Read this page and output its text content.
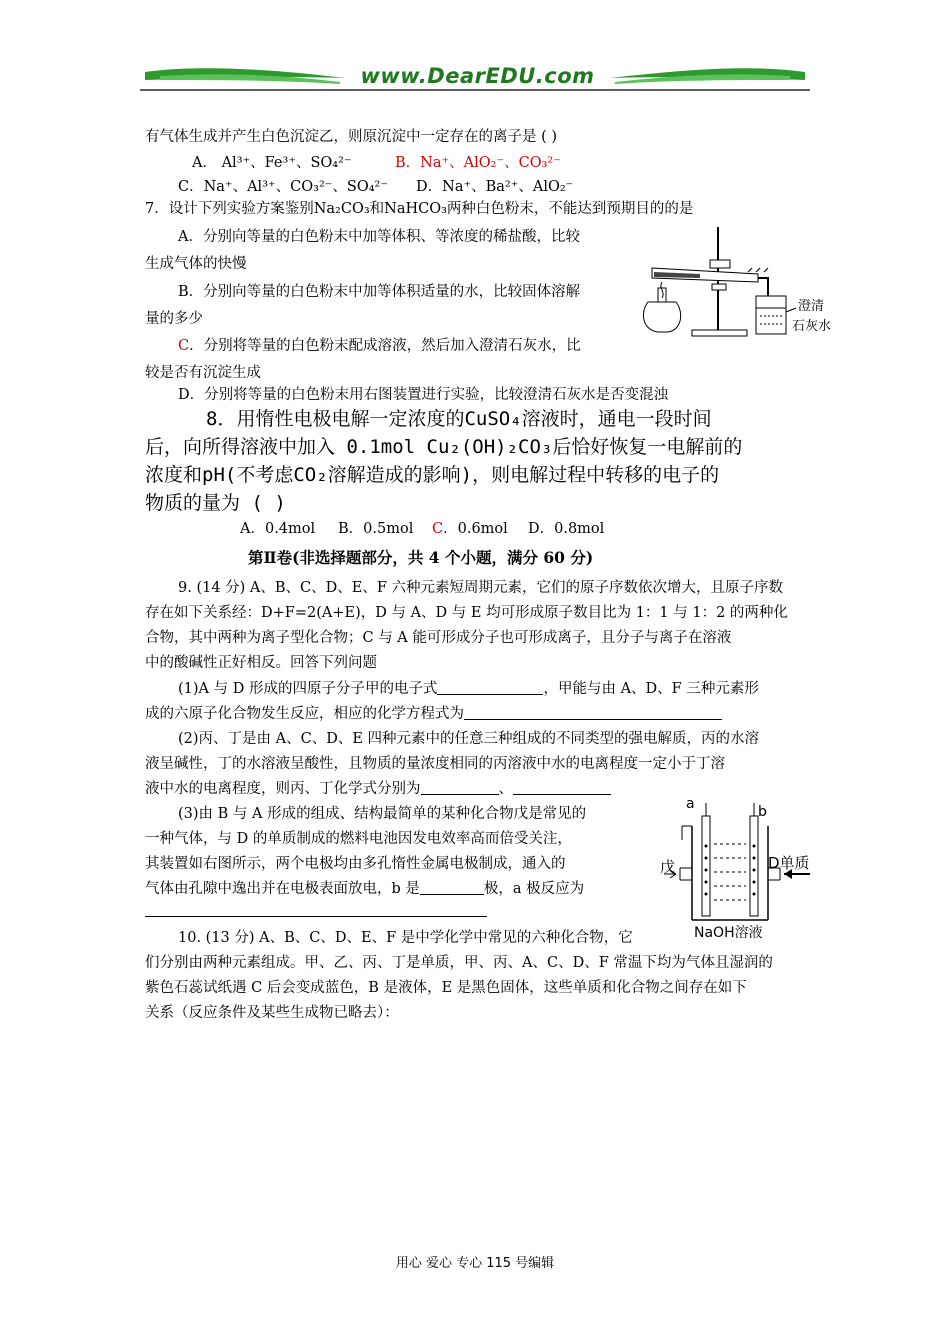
www.DearEDU.com
有气体生成并产生白色沉淀乙，则原沉淀中一定存在的离子是 ( )
A． Al³⁺、Fe³⁺、SO₄²⁻	B．Na⁺、AlO₂⁻、CO₃²⁻
C．Na⁺、Al³⁺、CO₃²⁻、SO₄²⁻ D．Na⁺、Ba²⁺、AlO₂⁻
7．设计下列实验方案鉴别Na₂CO₃和NaHCO₃两种白色粉末，不能达到预期目的的是
A．分别向等量的白色粉末中加等体积、等浓度的稀盐酸，比较
生成气体的快慢
B．分别向等量的白色粉末中加等体积适量的水，比较固体溶解
量的多少
C．分别将等量的白色粉末配成溶液，然后加入澄清石灰水，比
较是否有沉淀生成
D．分别将等量的白色粉末用右图装置进行实验，比较澄清石灰水是否变混浊
澄清
石灰水
8．用惰性电极电解一定浓度的CuSO₄溶液时，通电一段时间
后，向所得溶液中加入 0.1mol Cu₂(OH)₂CO₃后恰好恢复一电解前的
浓度和pH(不考虑CO₂溶解造成的影响)，则电解过程中转移的电子的
物质的量为 ( )
A．0.4mol B．0.5mol C．0.6mol D．0.8mol
第Ⅱ卷(非选择题部分，共 4 个小题，满分 60 分)
9. (14 分) A、B、C、D、E、F 六种元素短周期元素，它们的原子序数依次增大，且原子序数
存在如下关系经：D+F=2(A+E)，D 与 A、D 与 E 均可形成原子数目比为 1：1 与 1：2 的两种化
合物，其中两种为离子型化合物；C 与 A 能可形成分子也可形成离子，且分子与离子在溶液
中的酸碱性正好相反。回答下列问题
(1)A 与 D 形成的四原子分子甲的电子式	，甲能与由 A、D、F 三种元素形
成的六原子化合物发生反应，相应的化学方程式为
(2)丙、丁是由 A、C、D、E 四种元素中的任意三种组成的不同类型的强电解质，丙的水溶
液呈碱性，丁的水溶液呈酸性，且物质的量浓度相同的丙溶液中水的电离程度一定小于丁溶
液中水的电离程度，则丙、丁化学式分别为	、
(3)由 B 与 A 形成的组成、结构最简单的某种化合物戊是常见的
一种气体，与 D 的单质制成的燃料电池因发电效率高而倍受关注，
其装置如右图所示，两个电极均由多孔惰性金属电极制成，通入的
气体由孔隙中逸出并在电极表面放电，b 是	极，a 极反应为
a	b
戊	D单质
NaOH溶液
10. (13 分) A、B、C、D、E、F 是中学化学中常见的六种化合物，它
们分别由两种元素组成。甲、乙、丙、丁是单质，甲、丙、A、C、D、F 常温下均为气体且湿润的
紫色石蕊试纸遇 C 后会变成蓝色，B 是液体，E 是黑色固体，这些单质和化合物之间存在如下
关系（反应条件及某些生成物已略去）：
用心 爱心 专心 115 号编辑
